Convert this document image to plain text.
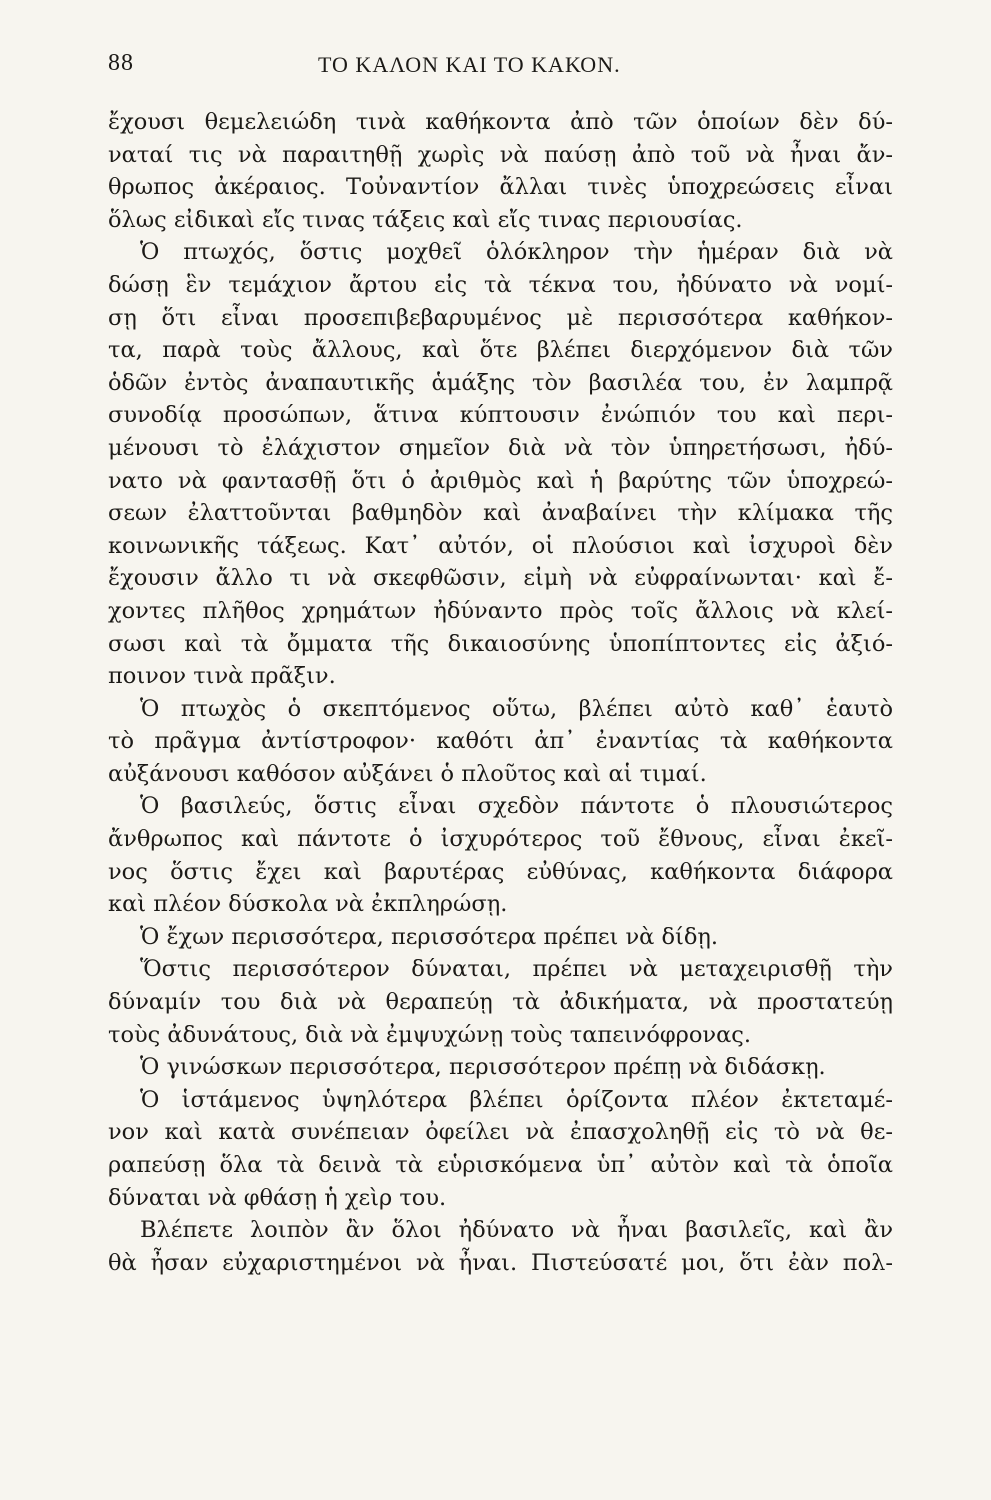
88	ΤΟ ΚΑΛΟΝ ΚΑΙ ΤΟ ΚΑΚΟΝ.
ἔχουσι θεμελειώδη τινὰ καθήκοντα ἀπὸ τῶν ὁποίων δὲν δύ-
ναταί τις νὰ παραιτηθῇ χωρὶς νὰ παύσῃ ἀπὸ τοῦ νὰ ἦναι ἄν-
θρωπος ἀκέραιος. Τοὐναντίον ἄλλαι τινὲς ὑποχρεώσεις εἶναι
ὅλως εἰδικαὶ εἴς τινας τάξεις καὶ εἴς τινας περιουσίας.
Ὁ πτωχός, ὅστις μοχθεῖ ὁλόκληρον τὴν ἡμέραν διὰ νὰ
δώσῃ ἓν τεμάχιον ἄρτου εἰς τὰ τέκνα του, ἠδύνατο νὰ νομί-
σῃ ὅτι εἶναι προσεπιβεβαρυμένος μὲ περισσότερα καθήκον-
τα, παρὰ τοὺς ἄλλους, καὶ ὅτε βλέπει διερχόμενον διὰ τῶν
ὁδῶν ἐντὸς ἀναπαυτικῆς ἁμάξης τὸν βασιλέα του, ἐν λαμπρᾷ
συνοδίᾳ προσώπων, ἅτινα κύπτουσιν ἐνώπιόν του καὶ περι-
μένουσι τὸ ἐλάχιστον σημεῖον διὰ νὰ τὸν ὑπηρετήσωσι, ἠδύ-
νατο νὰ φαντασθῇ ὅτι ὁ ἀριθμὸς καὶ ἡ βαρύτης τῶν ὑποχρεώ-
σεων ἐλαττοῦνται βαθμηδὸν καὶ ἀναβαίνει τὴν κλίμακα τῆς
κοινωνικῆς τάξεως. Κατ᾽ αὐτόν, οἱ πλούσιοι καὶ ἰσχυροὶ δὲν
ἔχουσιν ἄλλο τι νὰ σκεφθῶσιν, εἰμὴ νὰ εὐφραίνωνται· καὶ ἔ-
χοντες πλῆθος χρημάτων ἠδύναντο πρὸς τοῖς ἄλλοις νὰ κλεί-
σωσι καὶ τὰ ὄμματα τῆς δικαιοσύνης ὑποπίπτοντες εἰς ἀξιό-
ποινον τινὰ πρᾶξιν.
Ὁ πτωχὸς ὁ σκεπτόμενος οὕτω, βλέπει αὐτὸ καθ᾽ ἑαυτὸ
τὸ πρᾶγμα ἀντίστροφον· καθότι ἀπ᾽ ἐναντίας τὰ καθήκοντα
αὐξάνουσι καθόσον αὐξάνει ὁ πλοῦτος καὶ αἱ τιμαί.
Ὁ βασιλεύς, ὅστις εἶναι σχεδὸν πάντοτε ὁ πλουσιώτερος
ἄνθρωπος καὶ πάντοτε ὁ ἰσχυρότερος τοῦ ἔθνους, εἶναι ἐκεῖ-
νος ὅστις ἔχει καὶ βαρυτέρας εὐθύνας, καθήκοντα διάφορα
καὶ πλέον δύσκολα νὰ ἐκπληρώσῃ.
Ὁ ἔχων περισσότερα, περισσότερα πρέπει νὰ δίδῃ.
Ὅστις περισσότερον δύναται, πρέπει νὰ μεταχειρισθῇ τὴν
δύναμίν του διὰ νὰ θεραπεύῃ τὰ ἀδικήματα, νὰ προστατεύῃ
τοὺς ἀδυνάτους, διὰ νὰ ἐμψυχώνῃ τοὺς ταπεινόφρονας.
Ὁ γινώσκων περισσότερα, περισσότερον πρέπῃ νὰ διδάσκῃ.
Ὁ ἱστάμενος ὑψηλότερα βλέπει ὁρίζοντα πλέον ἐκτεταμέ-
νον καὶ κατὰ συνέπειαν ὀφείλει νὰ ἐπασχοληθῇ εἰς τὸ νὰ θε-
ραπεύσῃ ὅλα τὰ δεινὰ τὰ εὑρισκόμενα ὑπ᾽ αὐτὸν καὶ τὰ ὁποῖα
δύναται νὰ φθάσῃ ἡ χεὶρ του.
Βλέπετε λοιπὸν ἂν ὅλοι ἠδύνατο νὰ ἦναι βασιλεῖς, καὶ ἂν
θὰ ἦσαν εὐχαριστημένοι νὰ ἦναι. Πιστεύσατέ μοι, ὅτι ἐὰν πολ-
